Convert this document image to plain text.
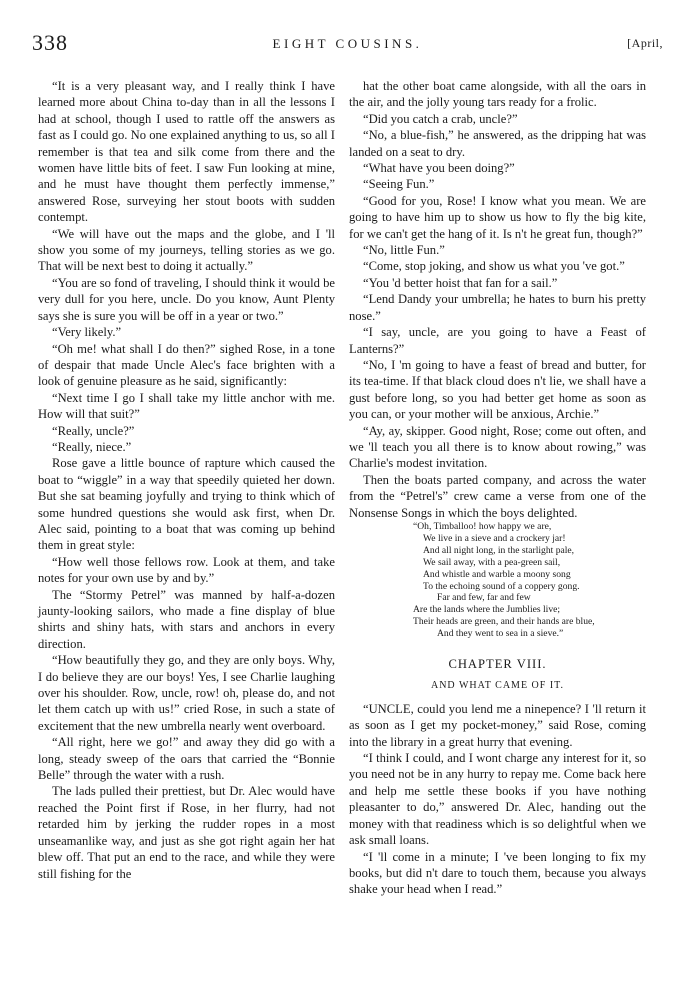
338	EIGHT COUSINS.	[April,

“It is a very pleasant way, and I really think I have learned more about China to-day than in all the lessons I had at school, though I used to rattle off the answers as fast as I could go. No one explained anything to us, so all I remember is that tea and silk come from there and the women have little bits of feet. I saw Fun looking at mine, and he must have thought them perfectly immense,” answered Rose, surveying her stout boots with sudden contempt.

“We will have out the maps and the globe, and I 'll show you some of my journeys, telling stories as we go. That will be next best to doing it actually.”

“You are so fond of traveling, I should think it would be very dull for you here, uncle. Do you know, Aunt Plenty says she is sure you will be off in a year or two.”

“Very likely.”

“Oh me! what shall I do then?” sighed Rose, in a tone of despair that made Uncle Alec's face brighten with a look of genuine pleasure as he said, significantly:

“Next time I go I shall take my little anchor with me. How will that suit?”

“Really, uncle?”

“Really, niece.”

Rose gave a little bounce of rapture which caused the boat to “wiggle” in a way that speedily quieted her down. But she sat beaming joyfully and trying to think which of some hundred questions she would ask first, when Dr. Alec said, pointing to a boat that was coming up behind them in great style:

“How well those fellows row. Look at them, and take notes for your own use by and by.”

The “Stormy Petrel” was manned by half-a-dozen jaunty-looking sailors, who made a fine display of blue shirts and shiny hats, with stars and anchors in every direction.

“How beautifully they go, and they are only boys. Why, I do believe they are our boys! Yes, I see Charlie laughing over his shoulder. Row, uncle, row! oh, please do, and not let them catch up with us!” cried Rose, in such a state of excitement that the new umbrella nearly went overboard.

“All right, here we go!” and away they did go with a long, steady sweep of the oars that carried the “Bonnie Belle” through the water with a rush.

The lads pulled their prettiest, but Dr. Alec would have reached the Point first if Rose, in her flurry, had not retarded him by jerking the rudder ropes in a most unseamanlike way, and just as she got right again her hat blew off. That put an end to the race, and while they were still fishing for the

hat the other boat came alongside, with all the oars in the air, and the jolly young tars ready for a frolic.

“Did you catch a crab, uncle?”

“No, a blue-fish,” he answered, as the dripping hat was landed on a seat to dry.

“What have you been doing?”

“Seeing Fun.”

“Good for you, Rose! I know what you mean. We are going to have him up to show us how to fly the big kite, for we can't get the hang of it. Is n't he great fun, though?”

“No, little Fun.”

“Come, stop joking, and show us what you 've got.”

“You 'd better hoist that fan for a sail.”

“Lend Dandy your umbrella; he hates to burn his pretty nose.”

“I say, uncle, are you going to have a Feast of Lanterns?”

“No, I 'm going to have a feast of bread and butter, for its tea-time. If that black cloud does n't lie, we shall have a gust before long, so you had better get home as soon as you can, or your mother will be anxious, Archie.”

“Ay, ay, skipper. Good night, Rose; come out often, and we 'll teach you all there is to know about rowing,” was Charlie's modest invitation.

Then the boats parted company, and across the water from the “Petrel's” crew came a verse from one of the Nonsense Songs in which the boys delighted.

“Oh, Timballoo! how happy we are,
We live in a sieve and a crockery jar!
And all night long, in the starlight pale,
We sail away, with a pea-green sail,
And whistle and warble a moony song
To the echoing sound of a coppery gong.
Far and few, far and few
Are the lands where the Jumblies live;
Their heads are green, and their hands are blue,
And they went to sea in a sieve.”
CHAPTER VIII.
AND WHAT CAME OF IT.

“UNCLE, could you lend me a ninepence? I 'll return it as soon as I get my pocket-money,” said Rose, coming into the library in a great hurry that evening.

“I think I could, and I wont charge any interest for it, so you need not be in any hurry to repay me. Come back here and help me settle these books if you have nothing pleasanter to do,” answered Dr. Alec, handing out the money with that readiness which is so delightful when we ask small loans.

“I 'll come in a minute; I 've been longing to fix my books, but did n't dare to touch them, because you always shake your head when I read.”
